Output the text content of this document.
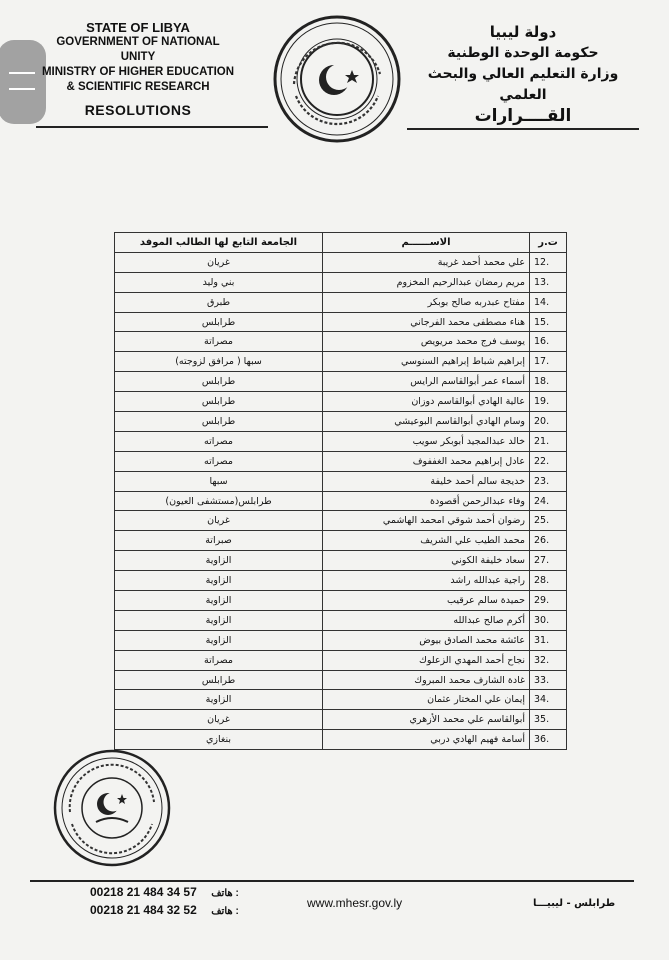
STATE OF LIBYA
GOVERNMENT OF NATIONAL UNITY
MINISTRY OF HIGHER EDUCATION
& SCIENTIFIC RESEARCH
RESOLUTIONS
دولة ليبيا
حكومة الوحدة الوطنية
وزارة التعليم العالي والبحث العلمي
القــــرارات
الجامعة التابع لها الطالب الموفد	الاســــــم	ت.ر
غريان	علي محمد أحمد غريبة	12.
بني وليد	مريم رمضان عبدالرحيم المخزوم	13.
طبرق	مفتاح عبدربه صالح بوبكر	14.
طرابلس	هناء مصطفى محمد الفرجاني	15.
مصراتة	يوسف فرج محمد مريويص	16.
سبها ( مرافق لزوجته)	إبراهيم شباط إبراهيم السنوسي	17.
طرابلس	أسماء عمر أبوالقاسم الرايس	18.
طرابلس	عالية الهادي أبوالقاسم دوزان	19.
طرابلس	وسام الهادي أبوالقاسم البوعيشي	20.
مصراته	خالد عبدالمجيد أبوبكر سويب	21.
مصراته	عادل إبراهيم محمد الغففوف	22.
سبها	خديجة سالم أحمد خليفة	23.
طرابلس(مستشفى العيون)	وفاء عبدالرحمن أقصودة	24.
غريان	رضوان أحمد شوقي امحمد الهاشمي	25.
صبراتة	محمد الطيب علي الشريف	26.
الزاوية	سعاد خليفة الكوني	27.
الزاوية	راجية عبدالله راشد	28.
الزاوية	حميدة سالم عرقيب	29.
الزاوية	أكرم صالح عبدالله	30.
الزاوية	عائشة محمد الصادق بيوض	31.
مصراتة	نجاح أحمد المهدي الزعلوك	32.
طرابلس	غادة الشارف محمد المبروك	33.
الزاوية	إيمان علي المختار عثمان	34.
غريان	أبوالقاسم علي محمد الأزهري	35.
بنغازي	أسامة فهيم الهادي دربي	36.
00218 21 484 34 57 هاتف :
00218 21 484 32 52 هاتف :
www.mhesr.gov.ly	طرابلس - ليبيـــا
